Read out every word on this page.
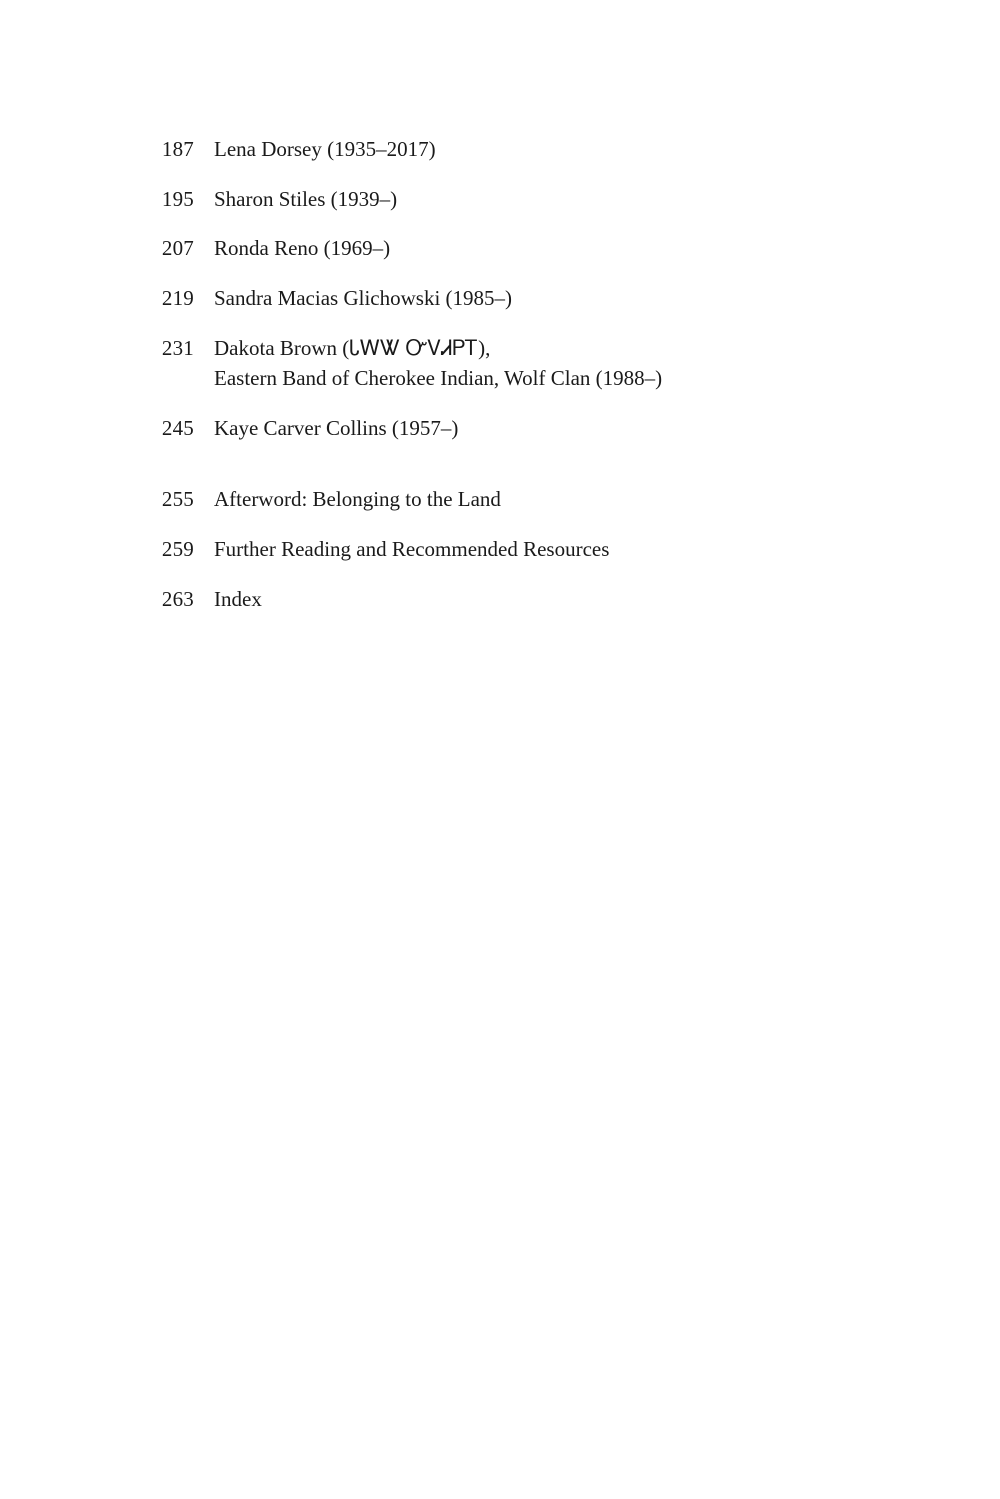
187 Lena Dorsey (1935–2017)
195 Sharon Stiles (1939–)
207 Ronda Reno (1969–)
219 Sandra Macias Glichowski (1985–)
231 Dakota Brown (ᏓᎳᏔ ᏅᏙᏗᏢᎢ),
Eastern Band of Cherokee Indian, Wolf Clan (1988–)
245 Kaye Carver Collins (1957–)
255 Afterword: Belonging to the Land
259 Further Reading and Recommended Resources
263 Index
